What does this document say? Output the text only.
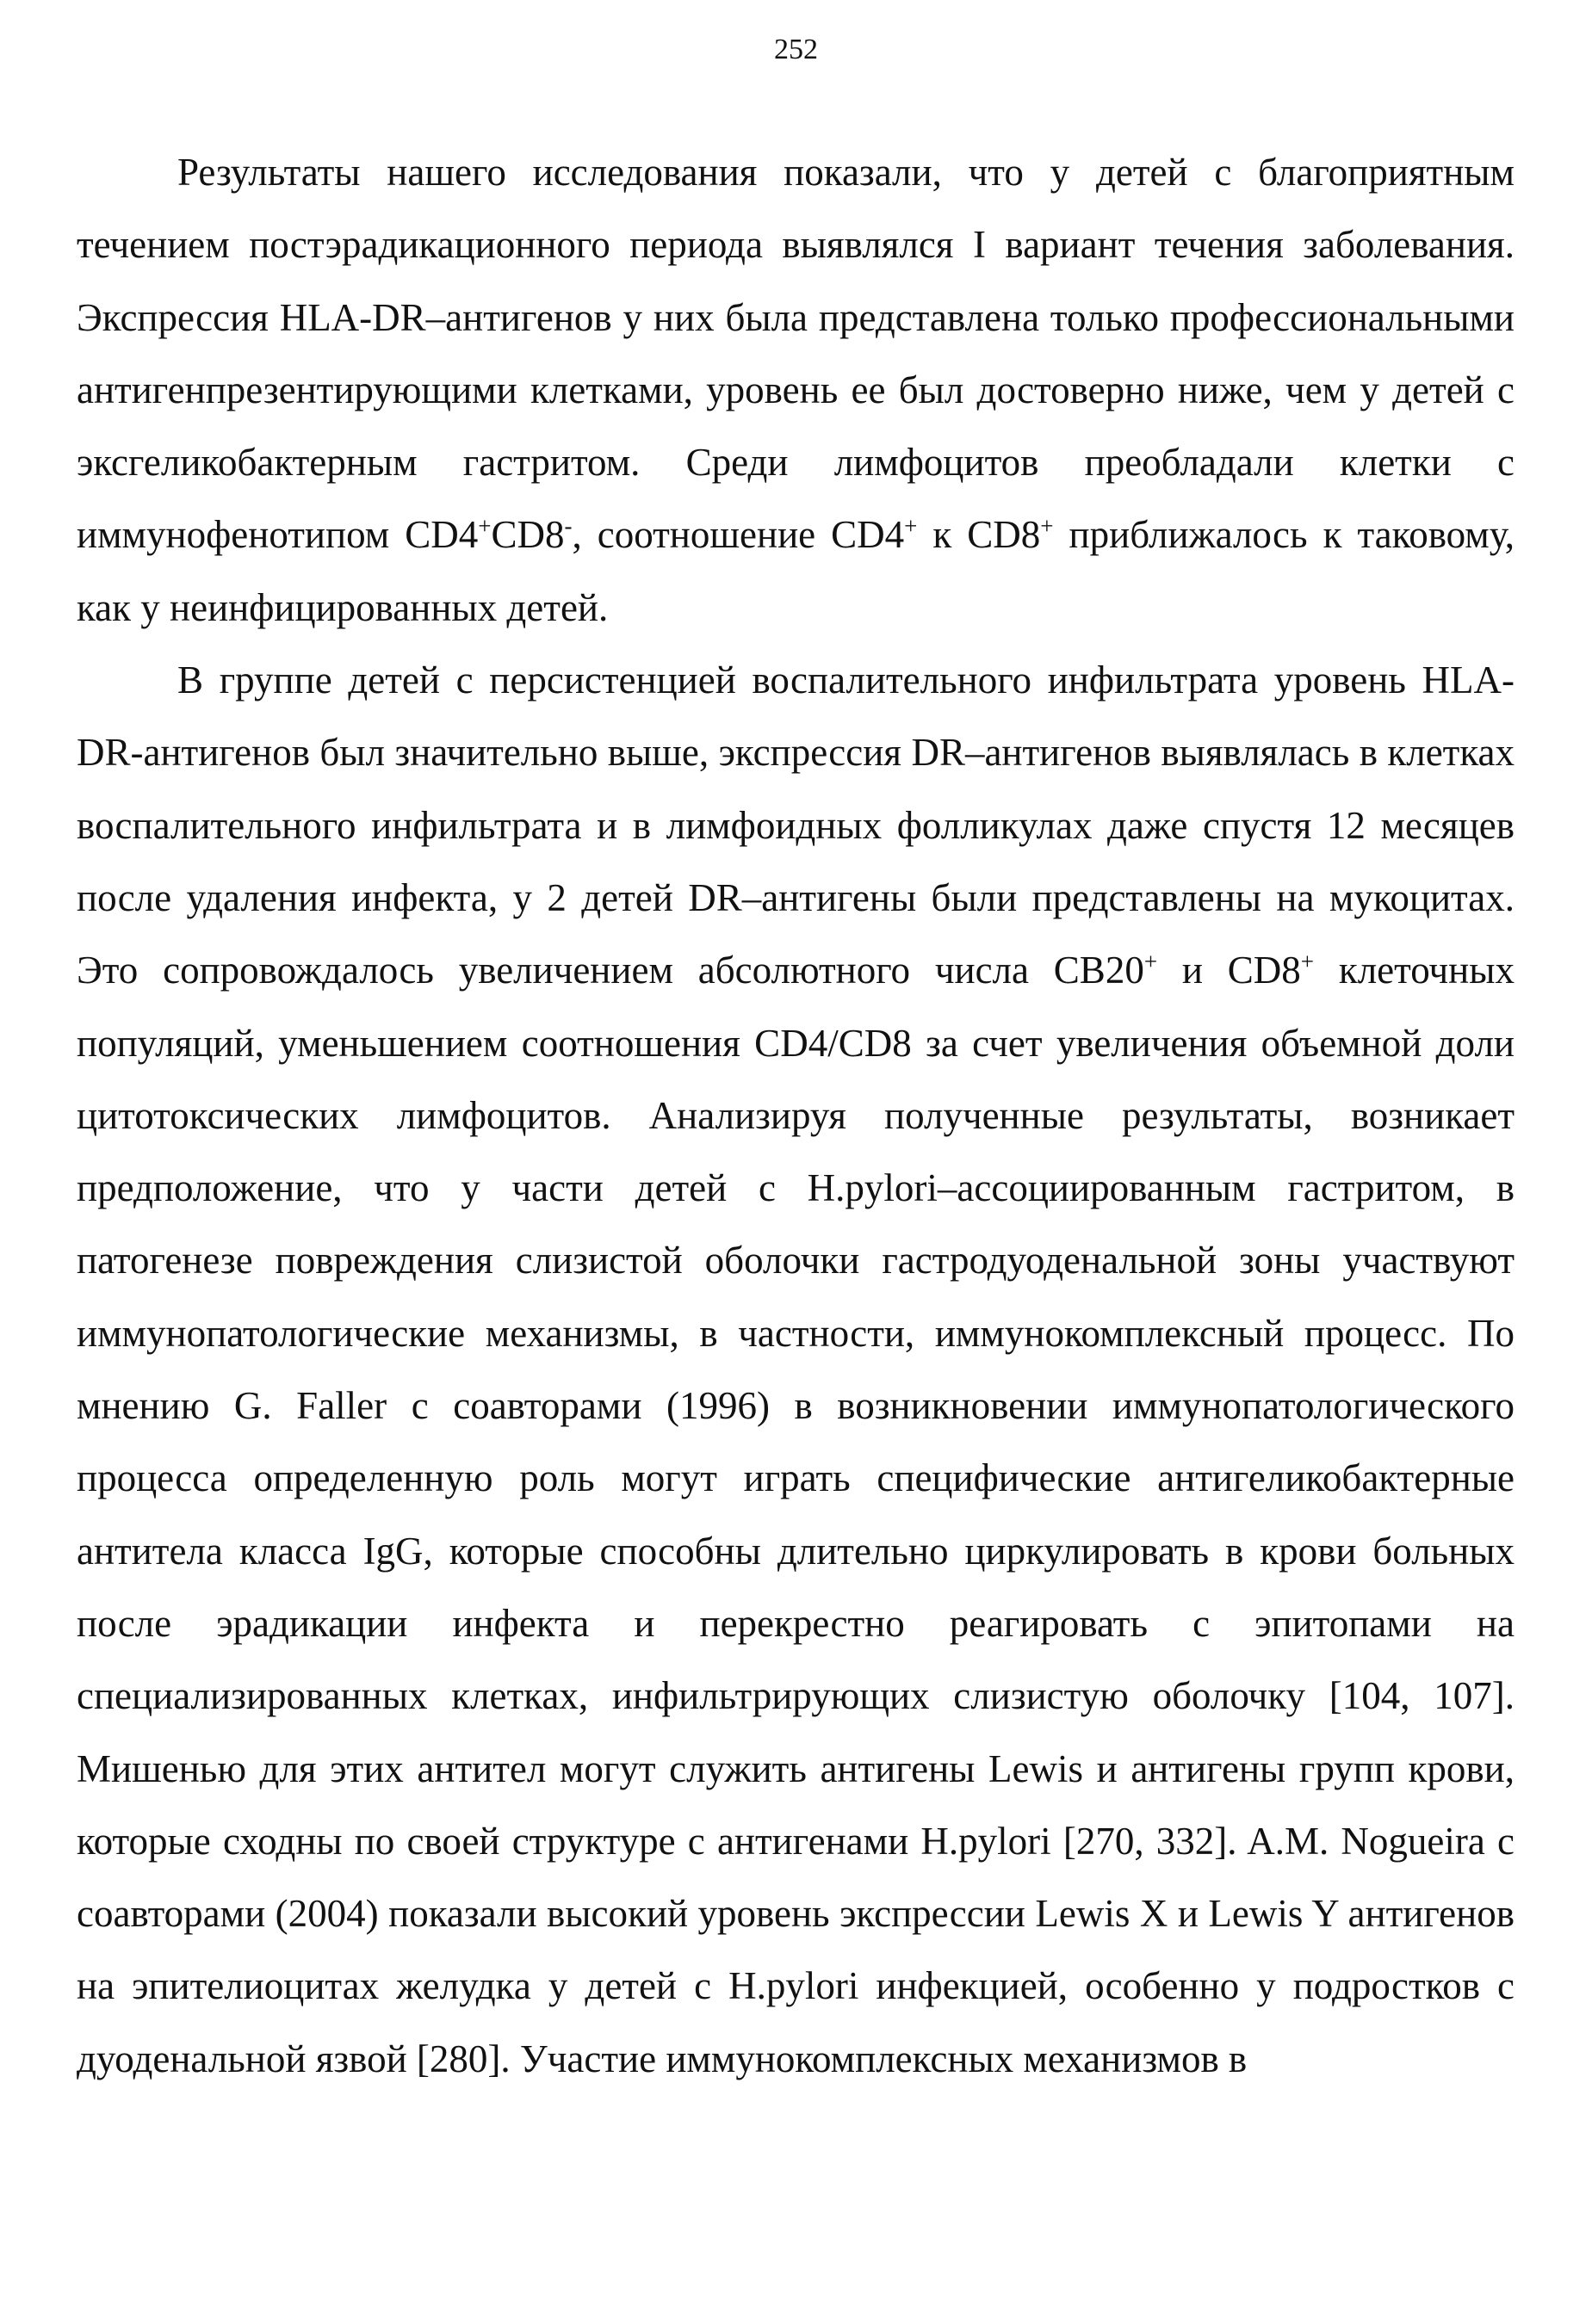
252

Результаты нашего исследования показали, что у детей с благоприятным течением постэрадикационного периода выявлялся I вариант течения заболевания. Экспрессия HLA-DR–антигенов у них была представлена только профессиональными антигенпрезентирующими клетками, уровень ее был достоверно ниже, чем у детей с эксгеликобактерным гастритом. Среди лимфоцитов преобладали клетки с иммунофенотипом CD4+CD8-, соотношение CD4+ к CD8+ приближалось к таковому, как у неинфицированных детей.

В группе детей с персистенцией воспалительного инфильтрата уровень HLA-DR-антигенов был значительно выше, экспрессия DR–антигенов выявлялась в клетках воспалительного инфильтрата и в лимфоидных фолликулах даже спустя 12 месяцев после удаления инфекта, у 2 детей DR–антигены были представлены на мукоцитах. Это сопровождалось увеличением абсолютного числа CB20+ и CD8+ клеточных популяций, уменьшением соотношения CD4/CD8 за счет увеличения объемной доли цитотоксических лимфоцитов. Анализируя полученные результаты, возникает предположение, что у части детей с H.pylori–ассоциированным гастритом, в патогенезе повреждения слизистой оболочки гастродуоденальной зоны участвуют иммунопатологические механизмы, в частности, иммунокомплексный процесс. По мнению G. Faller с соавторами (1996) в возникновении иммунопатологического процесса определенную роль могут играть специфические антигеликобактерные антитела класса IgG, которые способны длительно циркулировать в крови больных после эрадикации инфекта и перекрестно реагировать с эпитопами на специализированных клетках, инфильтрирующих слизистую оболочку [104, 107]. Мишенью для этих антител могут служить антигены Lewis и антигены групп крови, которые сходны по своей структуре с антигенами H.pylori [270, 332]. A.M. Nogueira с соавторами (2004) показали высокий уровень экспрессии Lewis X и Lewis Y антигенов на эпителиоцитах желудка у детей с H.pylori инфекцией, особенно у подростков с дуоденальной язвой [280]. Участие иммунокомплексных механизмов в
